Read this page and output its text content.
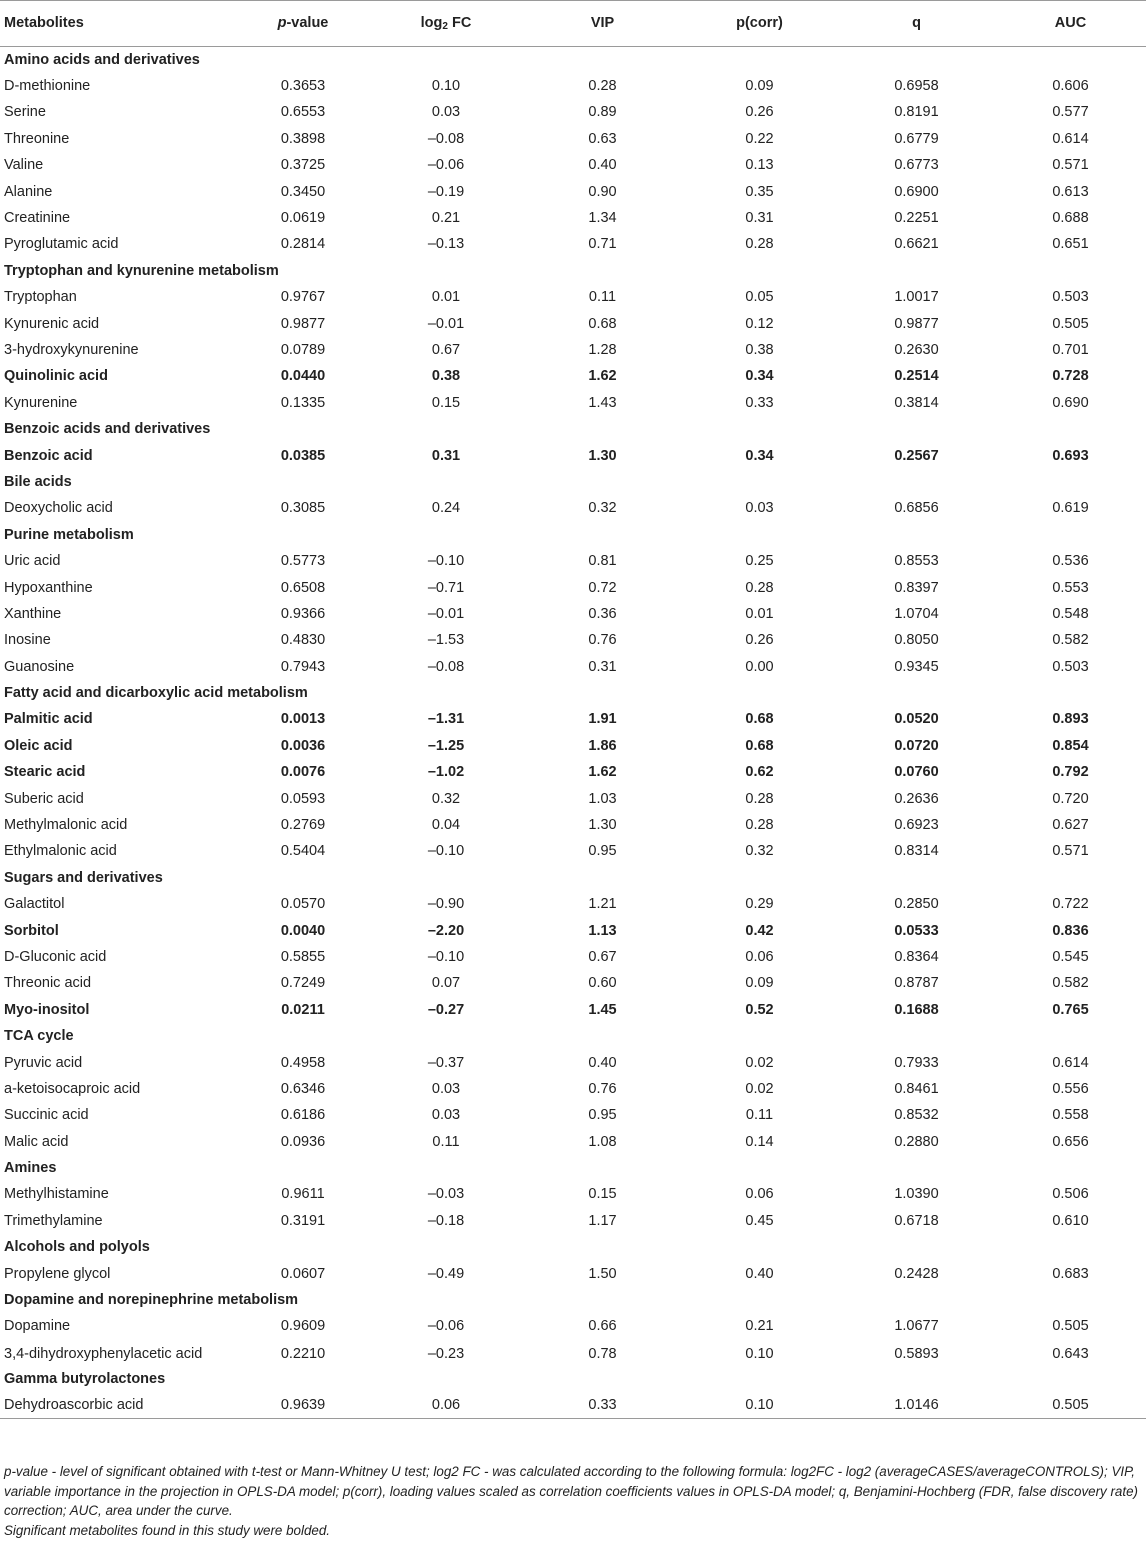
Metabolites	p-value	$\log_2$ FC	VIP	p(corr)	q	AUC
Amino acids and derivatives						
D-methionine	0.3653	0.10	0.28	0.09	0.6958	0.606
Serine	0.6553	0.03	0.89	0.26	0.8191	0.577
Threonine	0.3898	–0.08	0.63	0.22	0.6779	0.614
Valine	0.3725	–0.06	0.40	0.13	0.6773	0.571
Alanine	0.3450	–0.19	0.90	0.35	0.6900	0.613
Creatinine	0.0619	0.21	1.34	0.31	0.2251	0.688
Pyroglutamic acid	0.2814	–0.13	0.71	0.28	0.6621	0.651
Tryptophan and kynurenine metabolism						
Tryptophan	0.9767	0.01	0.11	0.05	1.0017	0.503
Kynurenic acid	0.9877	–0.01	0.68	0.12	0.9877	0.505
3-hydroxykynurenine	0.0789	0.67	1.28	0.38	0.2630	0.701
Quinolinic acid	0.0440	0.38	1.62	0.34	0.2514	0.728
Kynurenine	0.1335	0.15	1.43	0.33	0.3814	0.690
Benzoic acids and derivatives						
Benzoic acid	0.0385	0.31	1.30	0.34	0.2567	0.693
Bile acids						
Deoxycholic acid	0.3085	0.24	0.32	0.03	0.6856	0.619
Purine metabolism						
Uric acid	0.5773	–0.10	0.81	0.25	0.8553	0.536
Hypoxanthine	0.6508	–0.71	0.72	0.28	0.8397	0.553
Xanthine	0.9366	–0.01	0.36	0.01	1.0704	0.548
Inosine	0.4830	–1.53	0.76	0.26	0.8050	0.582
Guanosine	0.7943	–0.08	0.31	0.00	0.9345	0.503
Fatty acid and dicarboxylic acid metabolism						
Palmitic acid	0.0013	–1.31	1.91	0.68	0.0520	0.893
Oleic acid	0.0036	–1.25	1.86	0.68	0.0720	0.854
Stearic acid	0.0076	–1.02	1.62	0.62	0.0760	0.792
Suberic acid	0.0593	0.32	1.03	0.28	0.2636	0.720
Methylmalonic acid	0.2769	0.04	1.30	0.28	0.6923	0.627
Ethylmalonic acid	0.5404	–0.10	0.95	0.32	0.8314	0.571
Sugars and derivatives						
Galactitol	0.0570	–0.90	1.21	0.29	0.2850	0.722
Sorbitol	0.0040	–2.20	1.13	0.42	0.0533	0.836
D-Gluconic acid	0.5855	–0.10	0.67	0.06	0.8364	0.545
Threonic acid	0.7249	0.07	0.60	0.09	0.8787	0.582
Myo-inositol	0.0211	–0.27	1.45	0.52	0.1688	0.765
TCA cycle						
Pyruvic acid	0.4958	–0.37	0.40	0.02	0.7933	0.614
a-ketoisocaproic acid	0.6346	0.03	0.76	0.02	0.8461	0.556
Succinic acid	0.6186	0.03	0.95	0.11	0.8532	0.558
Malic acid	0.0936	0.11	1.08	0.14	0.2880	0.656
Amines						
Methylhistamine	0.9611	–0.03	0.15	0.06	1.0390	0.506
Trimethylamine	0.3191	–0.18	1.17	0.45	0.6718	0.610
Alcohols and polyols						
Propylene glycol	0.0607	–0.49	1.50	0.40	0.2428	0.683
Dopamine and norepinephrine metabolism						
Dopamine	0.9609	–0.06	0.66	0.21	1.0677	0.505
3,4-dihydroxyphenylacetic acid	0.2210	–0.23	0.78	0.10	0.5893	0.643
Gamma butyrolactones						
Dehydroascorbic acid	0.9639	0.06	0.33	0.10	1.0146	0.505

p-value - level of significant obtained with t-test or Mann-Whitney U test; log2 FC - was calculated according to the following formula: log2FC - log2 (averageCASES/averageCONTROLS); VIP, variable importance in the projection in OPLS-DA model; p(corr), loading values scaled as correlation coefficients values in OPLS-DA model; q, Benjamini-Hochberg (FDR, false discovery rate) correction; AUC, area under the curve.

Significant metabolites found in this study were bolded.
